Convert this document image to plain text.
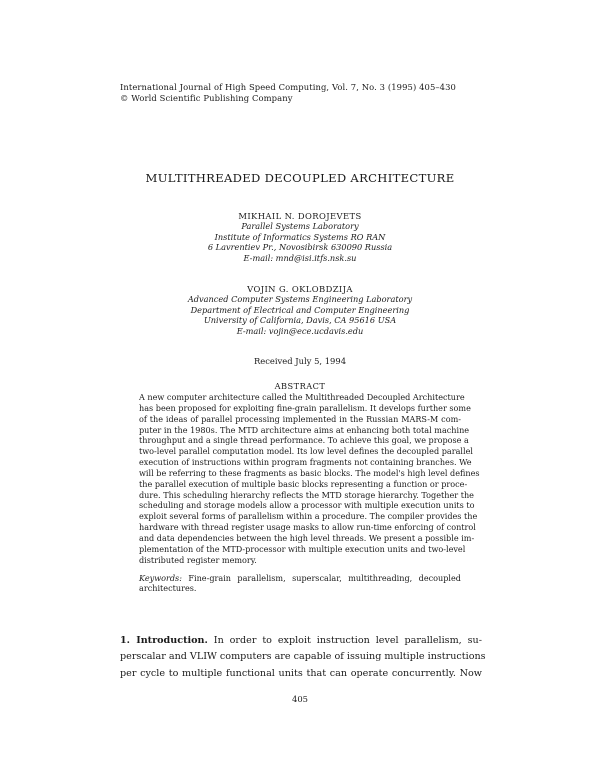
International Journal of High Speed Computing, Vol. 7, No. 3 (1995) 405–430
© World Scientific Publishing Company
MULTITHREADED DECOUPLED ARCHITECTURE
MIKHAIL N. DOROJEVETS
Parallel Systems Laboratory
Institute of Informatics Systems RO RAN
6 Lavrentiev Pr., Novosibirsk 630090 Russia
E-mail: mnd@isi.itfs.nsk.su
VOJIN G. OKLOBDZIJA
Advanced Computer Systems Engineering Laboratory
Department of Electrical and Computer Engineering
University of California, Davis, CA 95616 USA
E-mail: vojin@ece.ucdavis.edu
Received July 5, 1994
ABSTRACT
A new computer architecture called the Multithreaded Decoupled Architecture
has been proposed for exploiting fine-grain parallelism. It develops further some
of the ideas of parallel processing implemented in the Russian MARS-M com-
puter in the 1980s. The MTD architecture aims at enhancing both total machine
throughput and a single thread performance. To achieve this goal, we propose a
two-level parallel computation model. Its low level defines the decoupled parallel
execution of instructions within program fragments not containing branches. We
will be referring to these fragments as basic blocks. The model's high level defines
the parallel execution of multiple basic blocks representing a function or proce-
dure. This scheduling hierarchy reflects the MTD storage hierarchy. Together the
scheduling and storage models allow a processor with multiple execution units to
exploit several forms of parallelism within a procedure. The compiler provides the
hardware with thread register usage masks to allow run-time enforcing of control
and data dependencies between the high level threads. We present a possible im-
plementation of the MTD-processor with multiple execution units and two-level
distributed register memory.
Keywords: Fine-grain parallelism, superscalar, multithreading, decoupled
architectures.
1. Introduction. In order to exploit instruction level parallelism, su-
perscalar and VLIW computers are capable of issuing multiple instructions
per cycle to multiple functional units that can operate concurrently. Now
405
